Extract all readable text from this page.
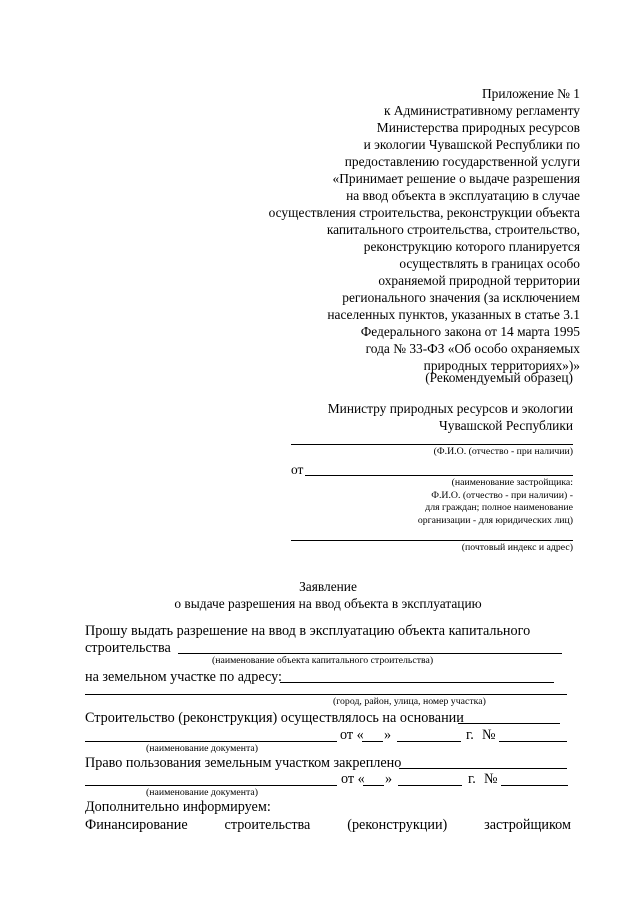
Приложение № 1
к Административному регламенту
Министерства природных ресурсов
и экологии Чувашской Республики по
предоставлению государственной услуги
«Принимает решение о выдаче разрешения
на ввод объекта в эксплуатацию в случае
осуществления строительства, реконструкции объекта
капитального строительства, строительство,
реконструкцию которого планируется
осуществлять в границах особо
охраняемой природной территории
регионального значения (за исключением
населенных пунктов, указанных в статье 3.1
Федерального закона от 14 марта 1995
года № 33-ФЗ «Об особо охраняемых
природных территориях»)»
(Рекомендуемый образец)
Министру природных ресурсов и экологии
Чувашской Республики
(Ф.И.О. (отчество - при наличии)
от
(наименование застройщика:
Ф.И.О. (отчество - при наличии) -
для граждан; полное наименование
организации - для юридических лиц)
(почтовый индекс и адрес)
Заявление
о выдаче разрешения на ввод объекта в эксплуатацию
Прошу выдать разрешение на ввод в эксплуатацию объекта капитального
строительства
(наименование объекта капитального строительства)
на земельном участке по адресу:
(город, район, улица, номер участка)
Строительство (реконструкция) осуществлялось на основании
от « »	г. №
(наименование документа)
Право пользования земельным участком закреплено
от « »	г. №
(наименование документа)
Дополнительно информируем:
Финансирование	строительства	(реконструкции)	застройщиком
